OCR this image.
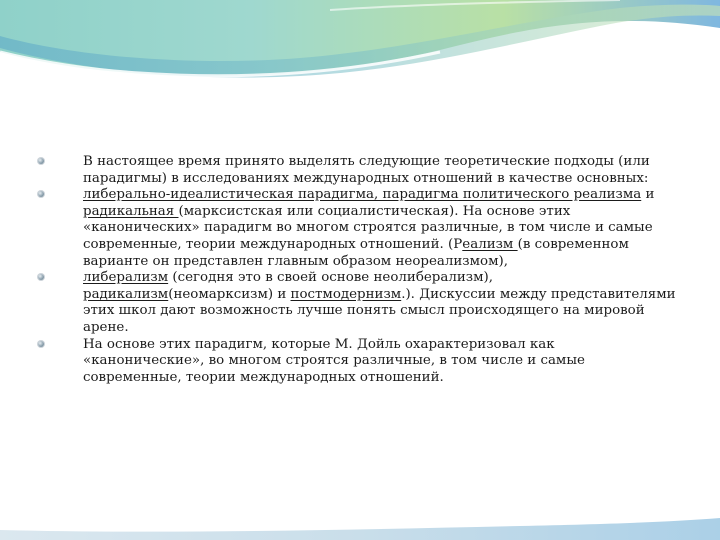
В настоящее время принято выделять следующие теоретические подходы (или парадигмы) в исследованиях международных отношений в качестве основных:
либерально-идеалистическая парадигма, парадигма политического реализма и радикальная (марксистская или социалистическая). На основе этих «канонических» парадигм во многом строятся различные, в том числе и самые современные, теории международных отношений. (Реализм (в современном варианте он представлен главным образом неореализмом),
либерализм (сегодня это в своей основе неолиберализм), радикализм(неомарксизм) и постмодернизм.). Дискуссии между представителями этих школ дают возможность лучше понять смысл происходящего на мировой арене.
На основе этих парадигм, которые М. Дойль охарактеризовал как «канонические», во многом строятся различные, в том числе и самые современные, теории международных отношений.
